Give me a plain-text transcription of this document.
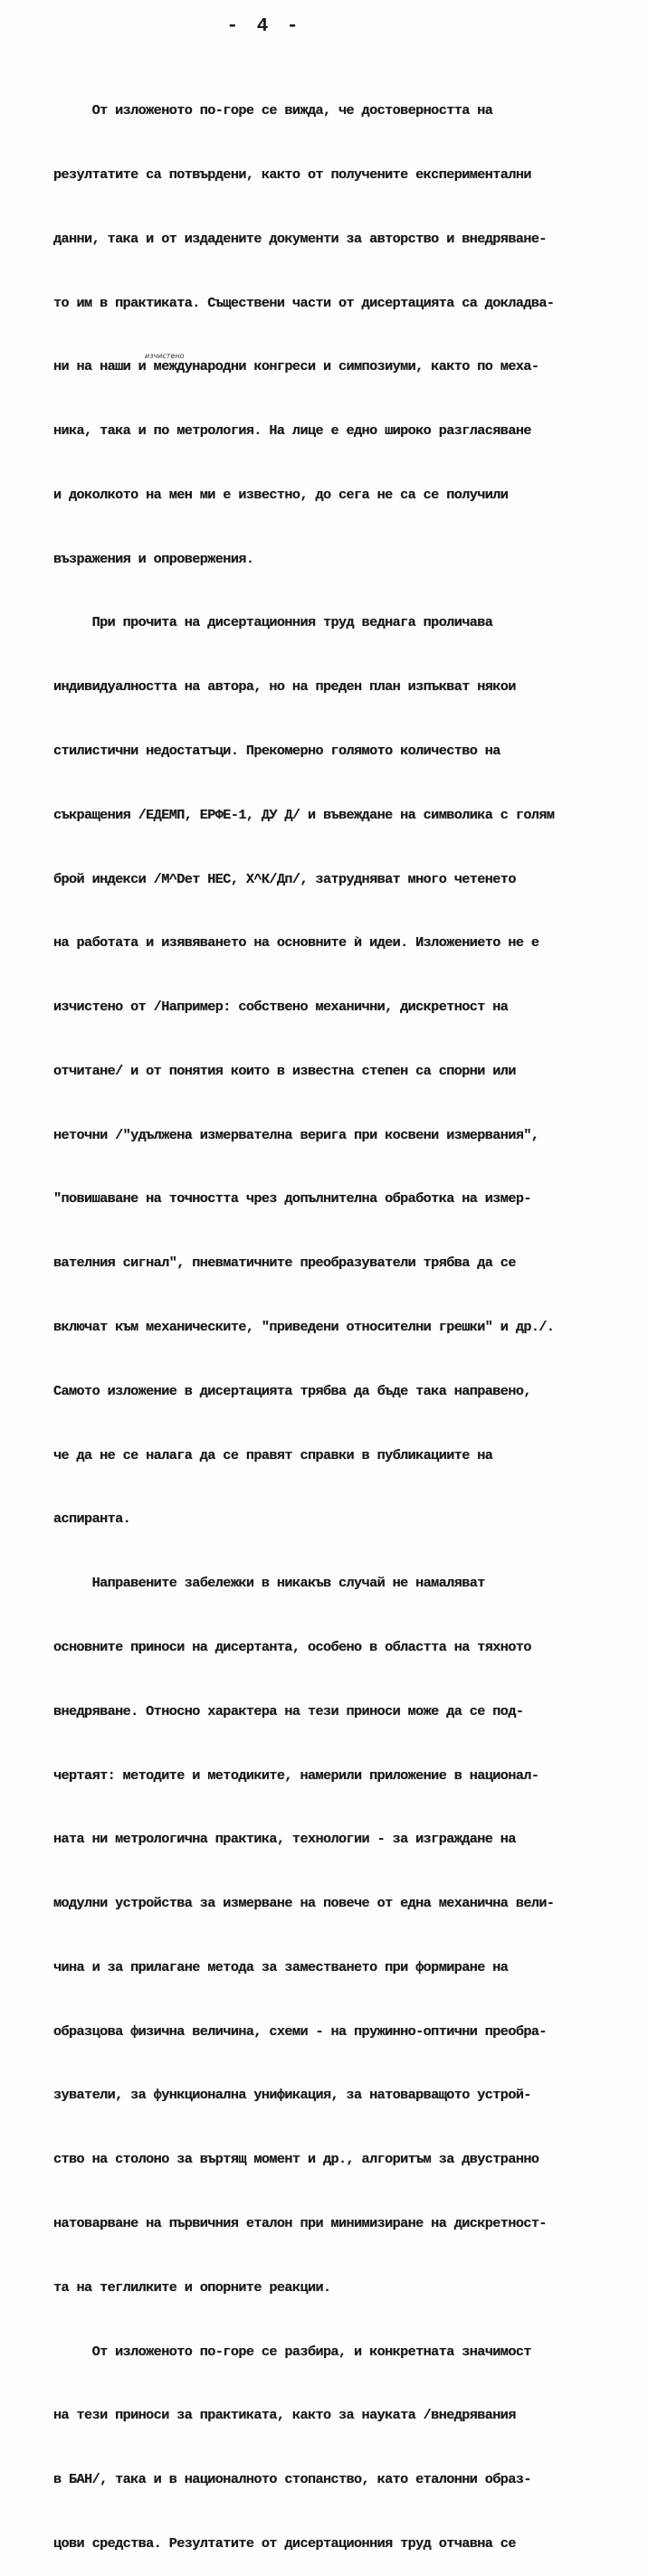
- 4 -
изчистено

От изложеното по-горе се вижда, че достоверността на

резултатите са потвърдени, както от получените експериментални

данни, така и от издадените документи за авторство и внедряване-

то им в практиката. Съществени части от дисертацията са докладва-

ни на наши и международни конгреси и симпозиуми, както по меха-

ника, така и по метрология. На лице е едно широко разгласяване

и доколкото на мен ми е известно, до сега не са се получили

възражения и опровержения.

При прочита на дисертационния труд веднага проличава

индивидуалността на автора, но на преден план изпъкват някои

стилистични недостатъци. Прекомерно голямото количество на

съкращения /ЕДЕМП, ЕРФЕ-1, ДУ Д/ и въвеждане на символика с голям

брой индекси /М^Dет НЕС, Х^К/Дп/, затрудняват много четенето

на работата и изявяването на основните ѝ идеи. Изложението не е

изчистено от /Например: собствено механични, дискретност на

отчитане/ и от понятия които в известна степен са спорни или

неточни /"удължена измервателна верига при косвени измервания",

"повишаване на точността чрез допълнителна обработка на измер-

вателния сигнал", пневматичните преобразуватели трябва да се

включат към механическите, "приведени относителни грешки" и др./.

Самото изложение в дисертацията трябва да бъде така направено,

че да не се налага да се правят справки в публикациите на

аспиранта.

Направените забележки в никакъв случай не намаляват

основните приноси на дисертанта, особено в областта на тяхното

внедряване. Относно характера на тези приноси може да се под-

чертаят: методите и методиките, намерили приложение в национал-

ната ни метрологична практика, технологии - за изграждане на

модулни устройства за измерване на повече от една механична вели-

чина и за прилагане метода за заместването при формиране на

образцова физична величина, схеми - на пружинно-оптични преобра-

зуватели, за функционална унификация, за натоварващото устрой-

ство на столоно за въртящ момент и др., алгоритъм за двустранно

натоварване на първичния еталон при минимизиране на дискретност-

та на теглилките и опорните реакции.

От изложеното по-горе се разбира, и конкретната значимост

на тези приноси за практиката, както за науката /внедрявания

в БАН/, така и в националното стопанство, като еталонни образ-

цови средства. Резултатите от дисертационния труд отчавна се
